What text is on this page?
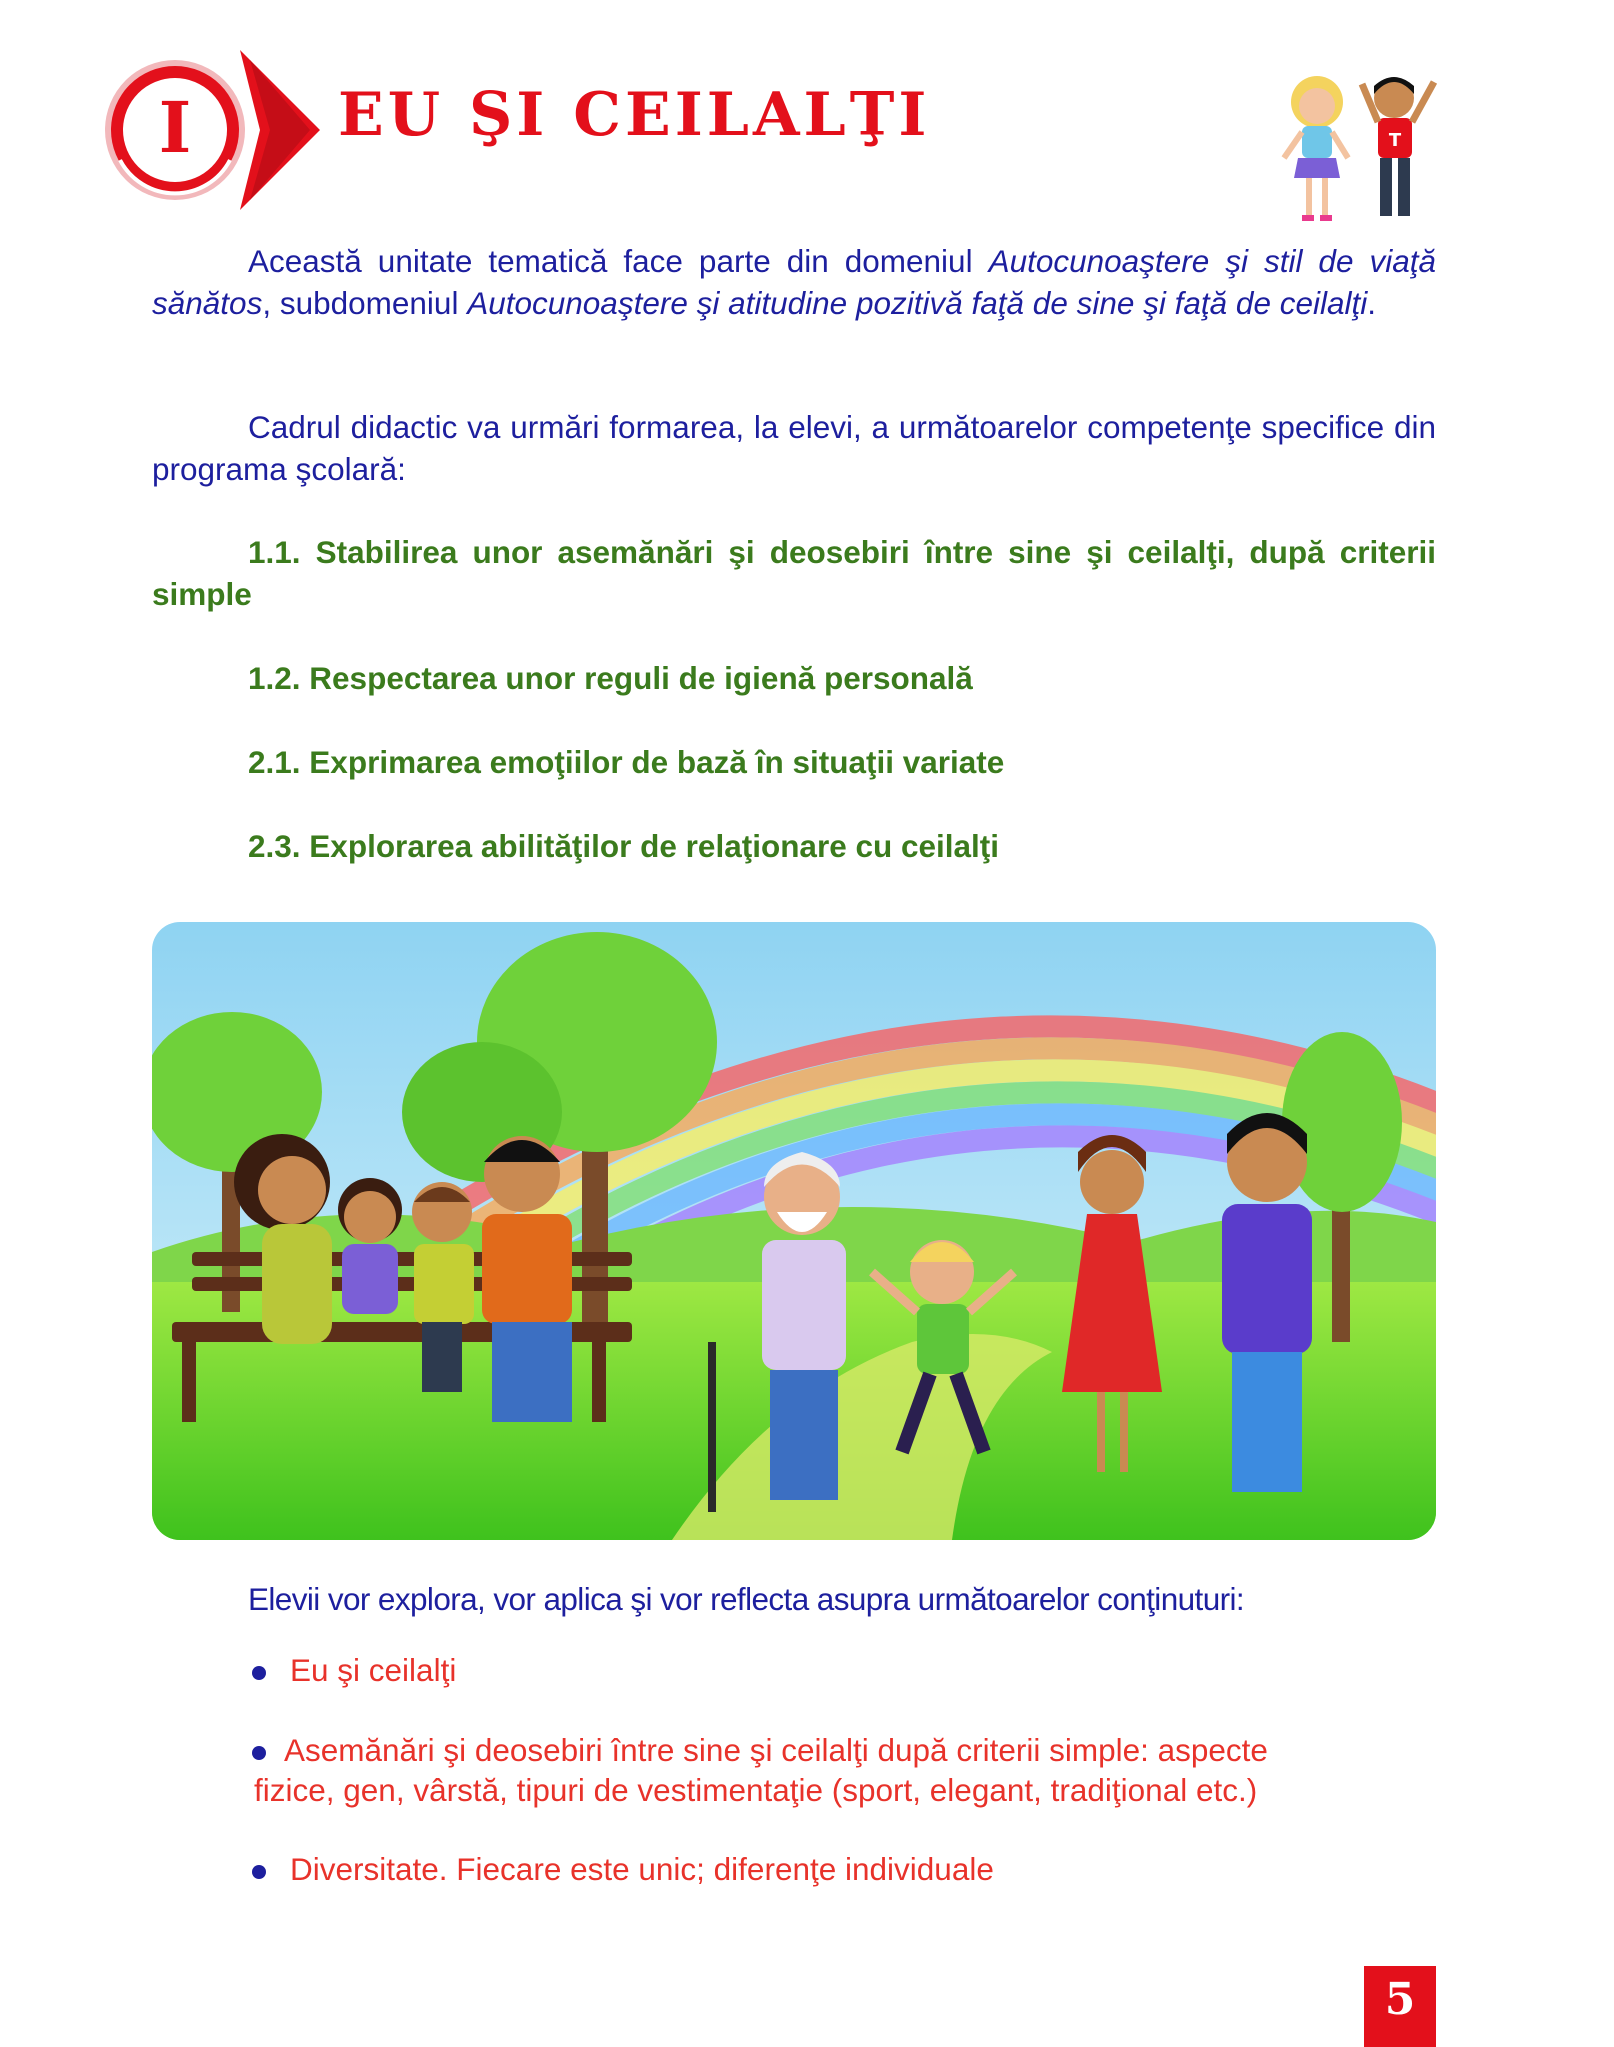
I EU ŞI CEILALŢI	T
Această unitate tematică face parte din domeniul Autocunoaştere şi stil de viaţă sănătos, subdomeniul Autocunoaştere şi atitudine pozitivă faţă de sine şi faţă de ceilalţi.
Cadrul didactic va urmări formarea, la elevi, a următoarelor competenţe specifice din programa şcolară:
1.1. Stabilirea unor asemănări şi deosebiri între sine şi ceilalţi, după criterii simple
1.2. Respectarea unor reguli de igienă personală
2.1. Exprimarea emoţiilor de bază în situaţii variate
2.3. Explorarea abilităţilor de relaţionare cu ceilalţi
Elevii vor explora, vor aplica şi vor reflecta asupra următoarelor conţinuturi:
Eu şi ceilalţi
Asemănări şi deosebiri între sine şi ceilalţi după criterii simple: aspecte
fizice, gen, vârstă, tipuri de vestimentaţie (sport, elegant, tradiţional etc.)
Diversitate. Fiecare este unic; diferenţe individuale
5
